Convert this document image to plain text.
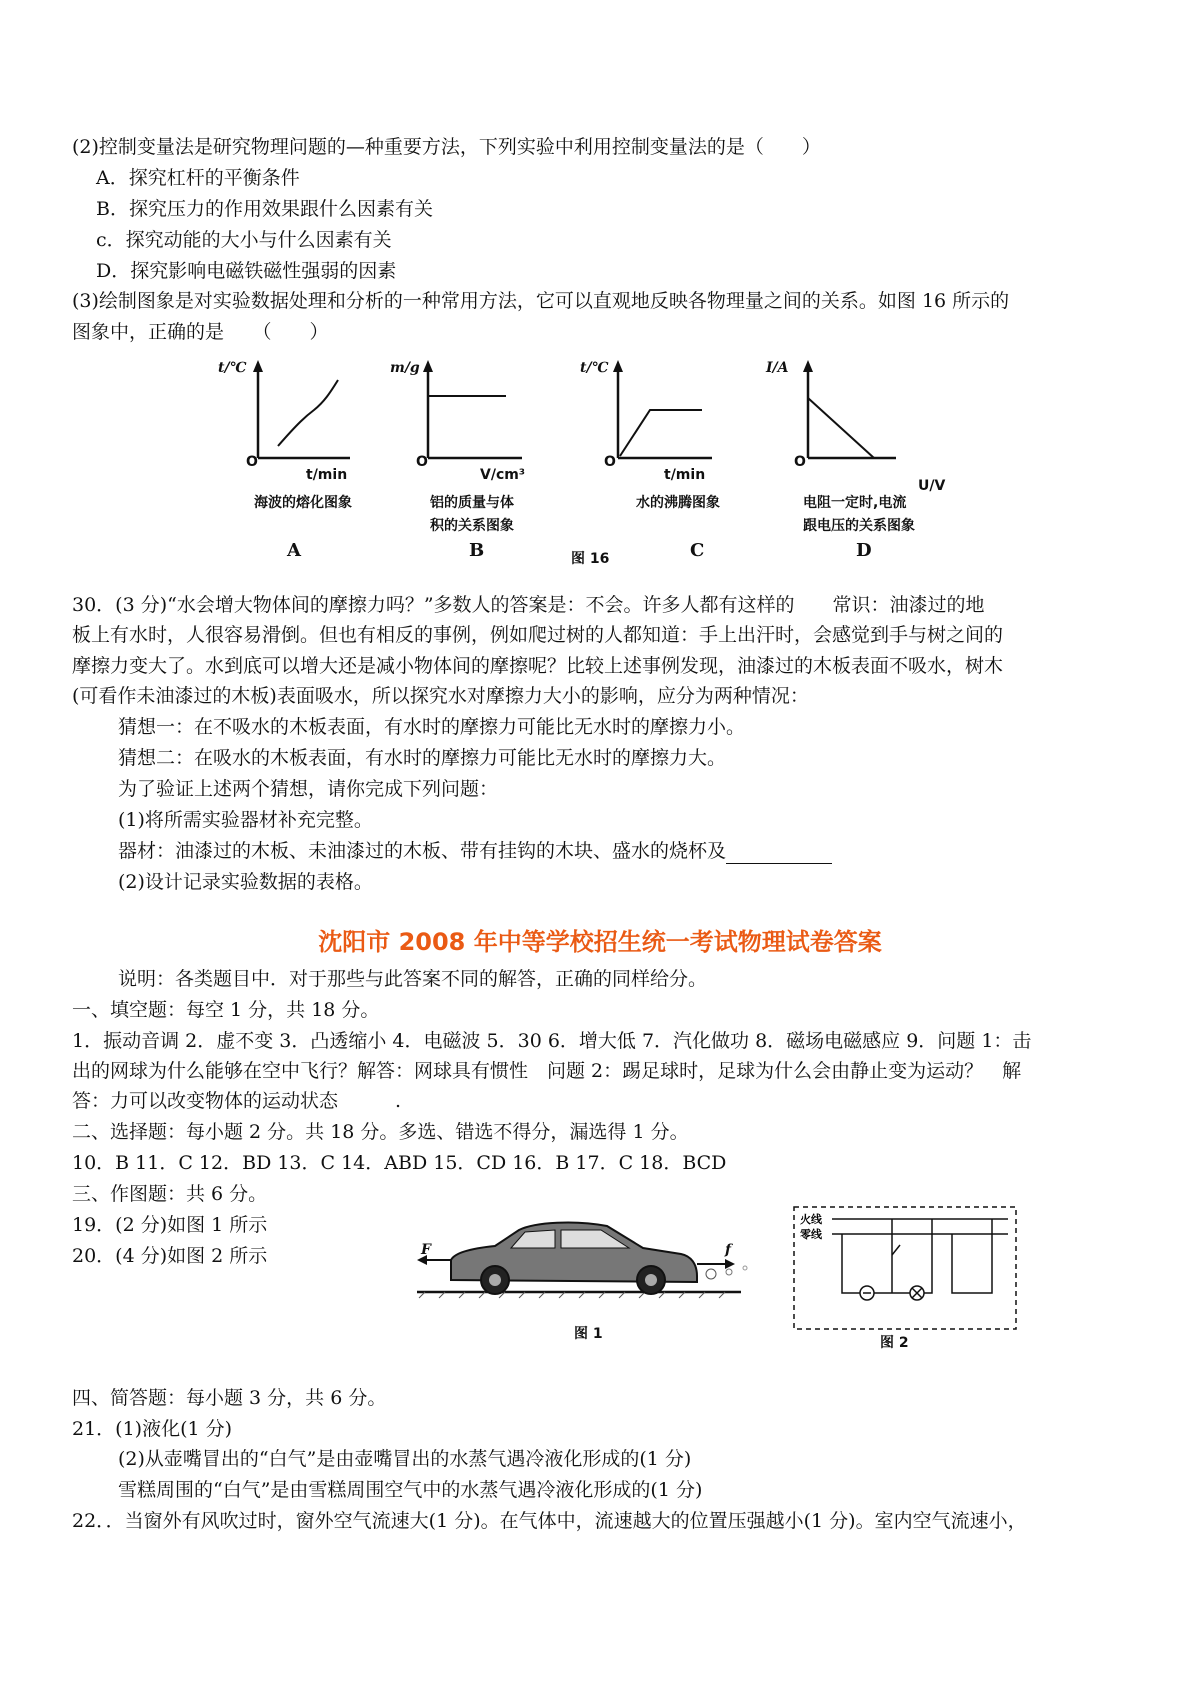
(2)控制变量法是研究物理问题的—种重要方法，下列实验中利用控制变量法的是（　　）
A．探究杠杆的平衡条件
B．探究压力的作用效果跟什么因素有关
c．探究动能的大小与什么因素有关
D．探究影响电磁铁磁性强弱的因素
(3)绘制图象是对实验数据处理和分析的一种常用方法，它可以直观地反映各物理量之间的关系。如图 16 所示的
图象中，正确的是　　（　　）
t/℃
O
t/min
海波的熔化图象
m/g
O
V/cm³
铝的质量与体
积的关系图象
t/℃
O
t/min
水的沸腾图象
I/A
O
U/V
电阻一定时,电流
跟电压的关系图象
A	B	图 16	C	D
30．(3 分)“水会增大物体间的摩擦力吗？”多数人的答案是：不会。许多人都有这样的　　常识：油漆过的地
板上有水时，人很容易滑倒。但也有相反的事例，例如爬过树的人都知道：手上出汗时，会感觉到手与树之间的
摩擦力变大了。水到底可以增大还是减小物体间的摩擦呢？比较上述事例发现，油漆过的木板表面不吸水，树木
(可看作未油漆过的木板)表面吸水，所以探究水对摩擦力大小的影响，应分为两种情况：
猜想一：在不吸水的木板表面，有水时的摩擦力可能比无水时的摩擦力小。
猜想二：在吸水的木板表面，有水时的摩擦力可能比无水时的摩擦力大。
为了验证上述两个猜想，请你完成下列问题：
(1)将所需实验器材补充完整。
器材：油漆过的木板、未油漆过的木板、带有挂钩的木块、盛水的烧杯及
(2)设计记录实验数据的表格。
沈阳市 2008 年中等学校招生统一考试物理试卷答案
说明：各类题目中．对于那些与此答案不同的解答，正确的同样给分。
一、填空题：每空 1 分，共 18 分。
1．振动音调 2．虚不变 3．凸透缩小 4．电磁波 5．30 6．增大低 7．汽化做功 8．磁场电磁感应 9．问题 1：击
出的网球为什么能够在空中飞行？解答：网球具有惯性　问题 2：踢足球时，足球为什么会由静止变为运动？　解
答：力可以改变物体的运动状态　　　.
二、选择题：每小题 2 分。共 18 分。多选、错选不得分，漏选得 1 分。
10．B 11．C 12．BD 13．C 14．ABD 15．CD 16．B 17．C 18．BCD
三、作图题：共 6 分。
19．(2 分)如图 1 所示
20．(4 分)如图 2 所示	F	f
图 1
火线
零线
图 2
四、简答题：每小题 3 分，共 6 分。
21．(1)液化(1 分)
(2)从壶嘴冒出的“白气”是由壶嘴冒出的水蒸气遇冷液化形成的(1 分)
雪糕周围的“白气”是由雪糕周围空气中的水蒸气遇冷液化形成的(1 分)
22．．当窗外有风吹过时，窗外空气流速大(1 分)。在气体中，流速越大的位置压强越小(1 分)。室内空气流速小，
